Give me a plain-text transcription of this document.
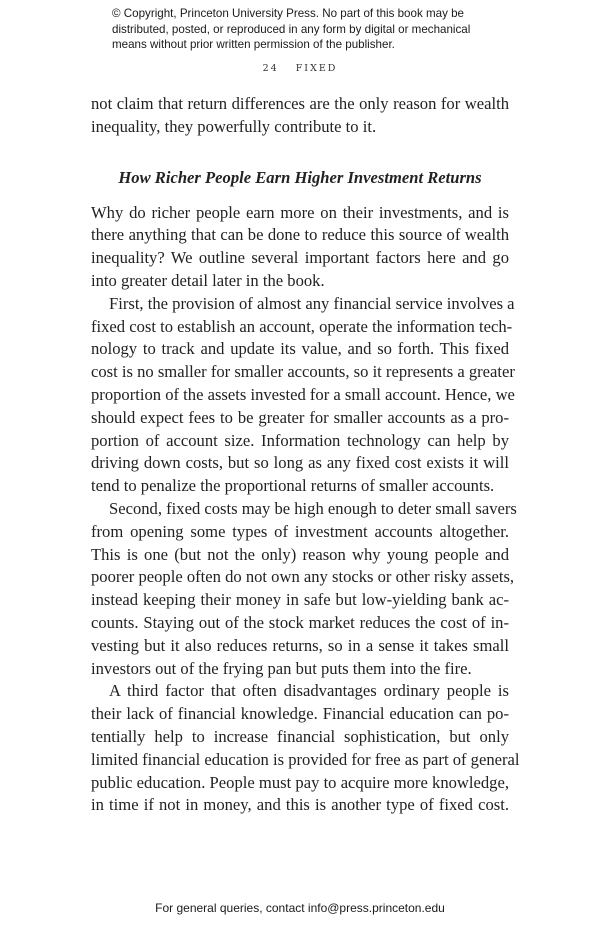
© Copyright, Princeton University Press. No part of this book may be
distributed, posted, or reproduced in any form by digital or mechanical
means without prior written permission of the publisher.
24 FIXED

not claim that return differences are the only reason for wealth
inequality, they powerfully contribute to it.

How Richer People Earn Higher Investment Returns

Why do richer people earn more on their investments, and is
there anything that can be done to reduce this source of wealth
inequality? We outline several important factors here and go
into greater detail later in the book.

First, the provision of almost any financial service involves a
fixed cost to establish an account, operate the information tech-
nology to track and update its value, and so forth. This fixed
cost is no smaller for smaller accounts, so it represents a greater
proportion of the assets invested for a small account. Hence, we
should expect fees to be greater for smaller accounts as a pro-
portion of account size. Information technology can help by
driving down costs, but so long as any fixed cost exists it will
tend to penalize the proportional returns of smaller accounts.

Second, fixed costs may be high enough to deter small savers
from opening some types of investment accounts altogether.
This is one (but not the only) reason why young people and
poorer people often do not own any stocks or other risky assets,
instead keeping their money in safe but low-yielding bank ac-
counts. Staying out of the stock market reduces the cost of in-
vesting but it also reduces returns, so in a sense it takes small
investors out of the frying pan but puts them into the fire.

A third factor that often disadvantages ordinary people is
their lack of financial knowledge. Financial education can po-
tentially help to increase financial sophistication, but only
limited financial education is provided for free as part of general
public education. People must pay to acquire more knowledge,
in time if not in money, and this is another type of fixed cost.

For general queries, contact info@press.princeton.edu
